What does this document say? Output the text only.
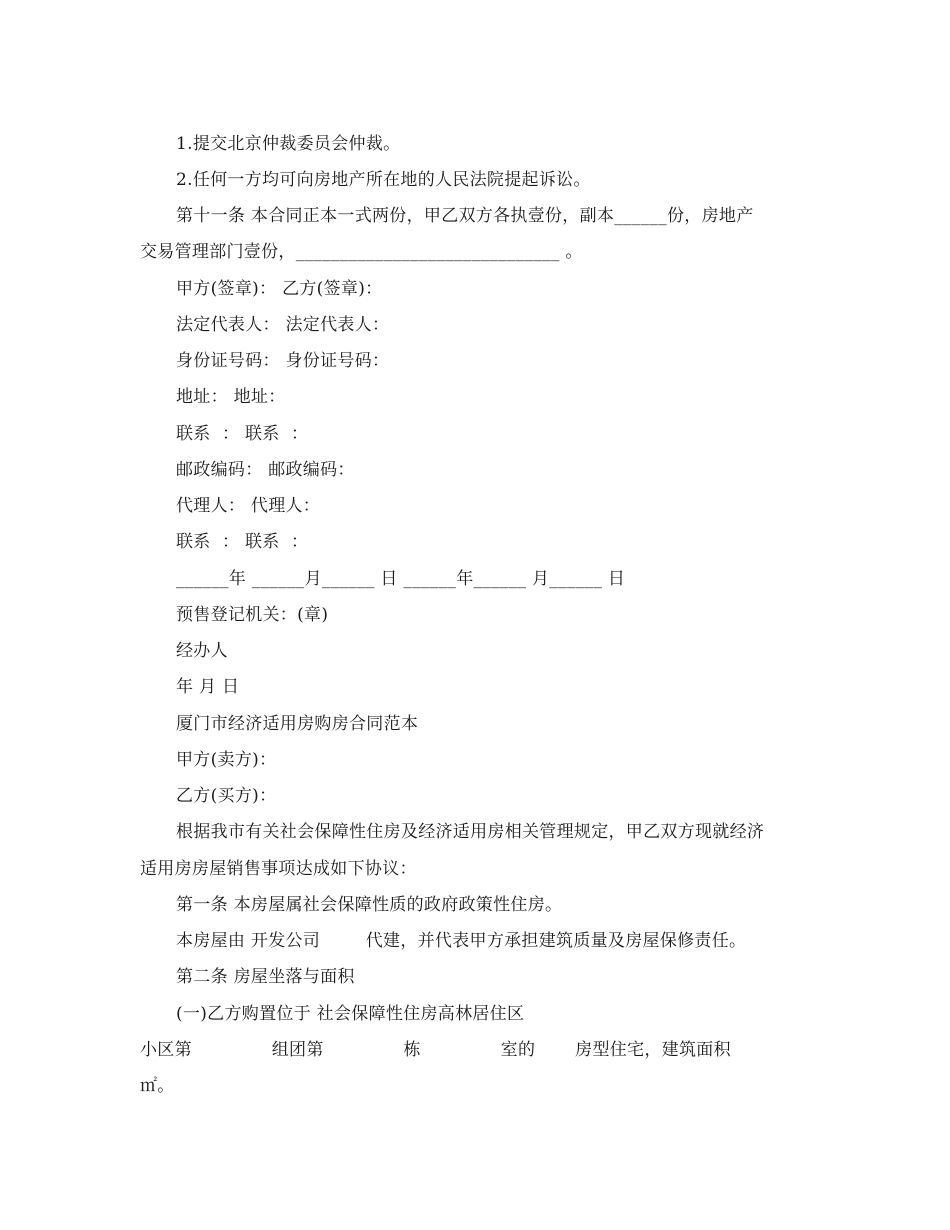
1.提交北京仲裁委员会仲裁。
2.任何一方均可向房地产所在地的人民法院提起诉讼。
第十一条 本合同正本一式两份，甲乙双方各执壹份，副本______份，房地产
交易管理部门壹份，______________________________ 。
甲方(签章)： 乙方(签章)：
法定代表人： 法定代表人：
身份证号码： 身份证号码：
地址： 地址：
联系  ： 联系  ：
邮政编码： 邮政编码：
代理人： 代理人：
联系  ： 联系  ：
______年 ______月______ 日 ______年______ 月______ 日
预售登记机关：(章)
经办人
年 月 日
厦门市经济适用房购房合同范本
甲方(卖方)：
乙方(买方)：
根据我市有关社会保障性住房及经济适用房相关管理规定，甲乙双方现就经济
适用房房屋销售事项达成如下协议：
第一条 本房屋属社会保障性质的政府政策性住房。
本房屋由 开发公司        代建，并代表甲方承担建筑质量及房屋保修责任。
第二条 房屋坐落与面积
(一)乙方购置位于 社会保障性住房高林居住区
小区第              组团第              栋              室的       房型住宅，建筑面积
㎡。
